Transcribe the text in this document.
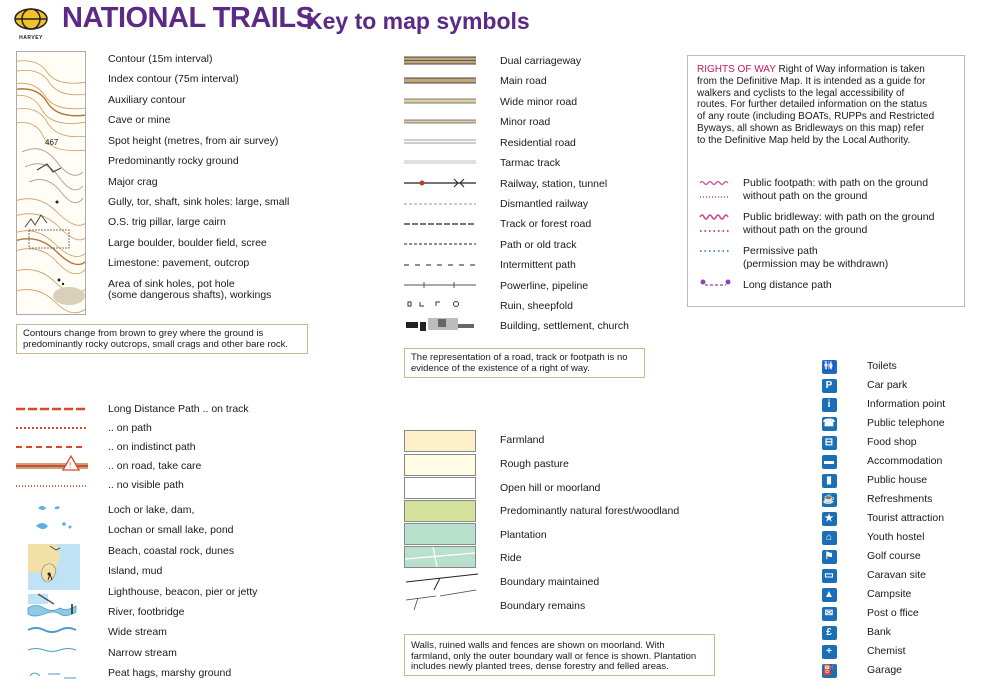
HARVEY
NATIONAL TRAILS
Key to map symbols
467
Contour (15m interval)
Index contour (75m interval)
Auxiliary contour
Cave or mine
Spot height (metres, from air survey)
Predominantly rocky ground
Major crag
Gully, tor, shaft, sink holes: large, small
O.S. trig pillar, large cairn
Large boulder, boulder field, scree
Limestone: pavement, outcrop
Area of sink holes, pot hole
(some dangerous shafts), workings
Contours change from brown to grey where the ground is
predominantly rocky outcrops, small crags and other bare rock.
Dual carriageway
Main road
Wide minor road
Minor road
Residential road
Tarmac track
Railway, station, tunnel
Dismantled railway
Track or forest road
Path or old track
Intermittent path
Powerline, pipeline
Ruin, sheepfold
Building, settlement, church
The representation of a road, track or footpath is no
evidence of the existence of a right of way.
RIGHTS OF WAY Right of Way information is taken
from the Definitive Map. It is intended as a guide for
walkers and cyclists to the legal accessibility of
routes. For further detailed information on the status
of any route (including BOATs, RUPPs and Restricted
Byways, all shown as Bridleways on this map) refer
to the Definitive Map held by the Local Authority.
Public footpath: with path on the ground
without path on the ground
Public bridleway: with path on the ground
without path on the ground
Permissive path
(permission may be withdrawn)
Long distance path
!
Long Distance Path .. on track
.. on path
.. on indistinct path
.. on road, take care
.. no visible path
Loch or lake, dam,
Lochan or small lake, pond
Beach, coastal rock, dunes
Island, mud
Lighthouse, beacon, pier or jetty
River, footbridge
Wide stream
Narrow stream
Peat hags, marshy ground
Farmland
Rough pasture
Open hill or moorland
Predominantly natural forest/woodland
Plantation
Ride
Boundary maintained
Boundary remains
Walls, ruined walls and fences are shown on moorland. With
farmland, only the outer boundary wall or fence is shown. Plantation
includes newly planted trees, dense forestry and felled areas.
🚻	Toilets
P	Car park
i	Information point
☎	Public telephone
⊟	Food shop
▬	Accommodation
▮	Public house
☕	Refreshments
★	Tourist attraction
⌂	Youth hostel
⚑	Golf course
▭	Caravan site
▲	Campsite
✉	Post o ffice
£	Bank
+	Chemist
⛽	Garage
